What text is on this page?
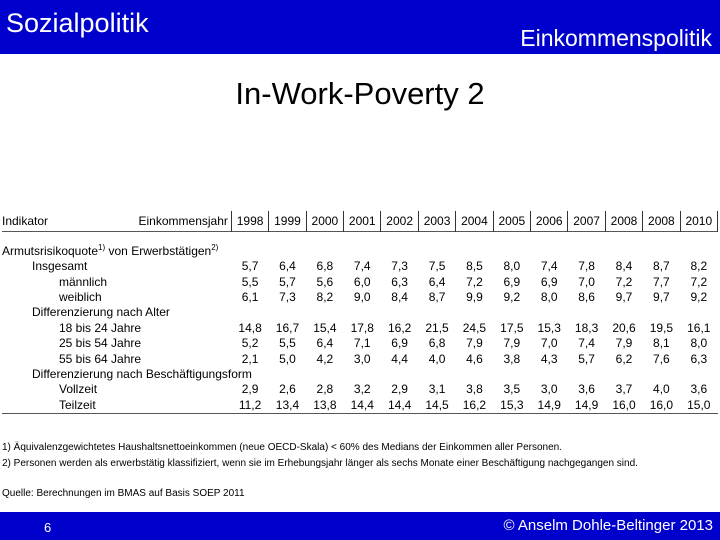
Sozialpolitik	Einkommenspolitik
In-Work-Poverty 2
Indikator	Einkommensjahr	1998	1999	2000	2001	2002	2003	2004	2005	2006	2007	2008	2008	2010

Armutsrisikoquote$^{1)}$ von Erwerbstätigen$^{2)}$
Insgesamt		5,7	6,4	6,8	7,4	7,3	7,5	8,5	8,0	7,4	7,8	8,4	8,7	8,2
männlich		5,5	5,7	5,6	6,0	6,3	6,4	7,2	6,9	6,9	7,0	7,2	7,7	7,2
weiblich		6,1	7,3	8,2	9,0	8,4	8,7	9,9	9,2	8,0	8,6	9,7	9,7	9,2
Differenzierung nach Alter														
18 bis 24 Jahre		14,8	16,7	15,4	17,8	16,2	21,5	24,5	17,5	15,3	18,3	20,6	19,5	16,1
25 bis 54 Jahre		5,2	5,5	6,4	7,1	6,9	6,8	7,9	7,9	7,0	7,4	7,9	8,1	8,0
55 bis 64 Jahre		2,1	5,0	4,2	3,0	4,4	4,0	4,6	3,8	4,3	5,7	6,2	7,6	6,3
Differenzierung nach Beschäftigungsform														
Vollzeit		2,9	2,6	2,8	3,2	2,9	3,1	3,8	3,5	3,0	3,6	3,7	4,0	3,6
Teilzeit		11,2	13,4	13,8	14,4	14,4	14,5	16,2	15,3	14,9	14,9	16,0	16,0	15,0
1) Äquivalenzgewichtetes Haushaltsnettoeinkommen (neue OECD-Skala) < 60% des Medians der Einkommen aller Personen.
2) Personen werden als erwerbstätig klassifiziert, wenn sie im Erhebungsjahr länger als sechs Monate einer Beschäftigung nachgegangen sind.
Quelle: Berechnungen im BMAS auf Basis SOEP 2011
6	© Anselm Dohle-Beltinger 2013
